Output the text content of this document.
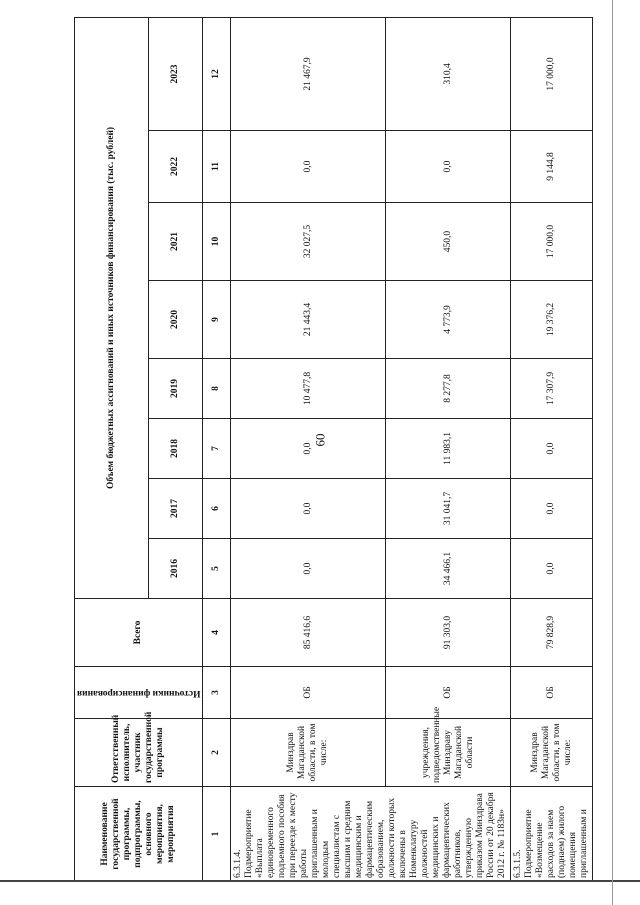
60
Наименование государственной программы, подпрограммы, основного мероприятия, мероприятия	Ответственный исполнитель, участник государственной программы	Источники финансирования	Всего	Объем бюджетных ассигнований и иных источников финансирования (тыс. рублей)							
				2016	2017	2018	2019	2020	2021	2022	2023
1	2	3	4	5	6	7	8	9	10	11	12
6.3.1.4. Подмероприятие «Выплата единовременного подъемного пособия при переезде к месту работы приглашенным и молодым специалистам с высшим и средним медицинским и фармацевтическим образованием, должности которых включены в Номенклатуру должностей медицинских и фармацевтических работников, утвержденную приказом Минздрава России от 20 декабря 2012 г. № 1183н»	Минздрав Магаданской области, в том числе:	ОБ	85 416,6	0,0	0,0	0,0	10 477,8	21 443,4	32 027,5	0,0	21 467,9
	учреждения, подведомственные Минздраву Магаданской области	ОБ	91 303,0	34 466,1	31 041,7	11 983,1	8 277,8	4 773,9	450,0	0,0	310,4
6.3.1.5. Подмероприятие «Возмещение расходов за наем (поднаем) жилого помещения приглашенным и	Минздрав Магаданской области, в том числе:	ОБ	79 828,9	0,0	0,0	0,0	17 307,9	19 376,2	17 000,0	9 144,8	17 000,0
